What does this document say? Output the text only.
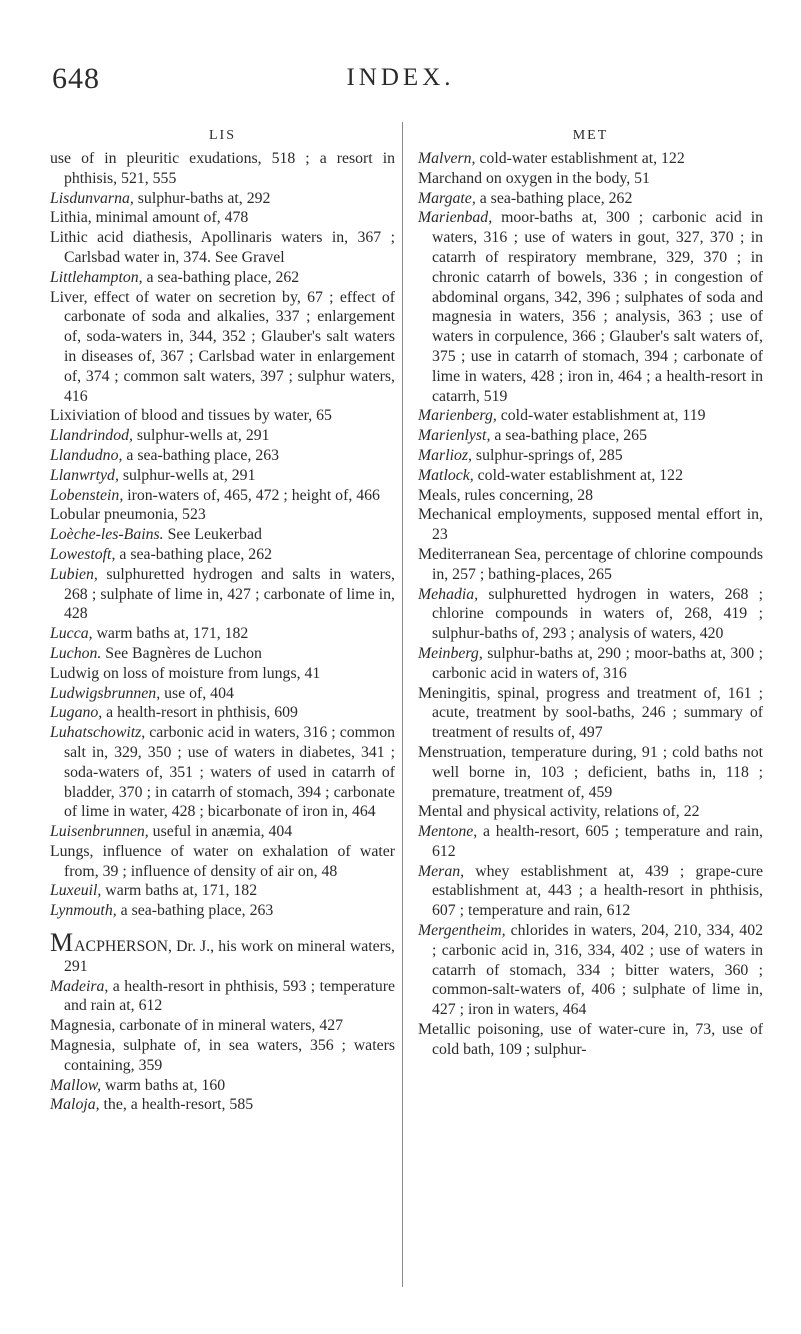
648	INDEX.
LIS

use of in pleuritic exudations, 518 ; a resort in phthisis, 521, 555

Lisdunvarna, sulphur-baths at, 292

Lithia, minimal amount of, 478

Lithic acid diathesis, Apollinaris waters in, 367 ; Carlsbad water in, 374. See Gravel

Littlehampton, a sea-bathing place, 262

Liver, effect of water on secretion by, 67 ; effect of carbonate of soda and alkalies, 337 ; enlargement of, soda-waters in, 344, 352 ; Glauber's salt waters in diseases of, 367 ; Carlsbad water in enlargement of, 374 ; common salt waters, 397 ; sulphur waters, 416

Lixiviation of blood and tissues by water, 65

Llandrindod, sulphur-wells at, 291

Llandudno, a sea-bathing place, 263

Llanwrtyd, sulphur-wells at, 291

Lobenstein, iron-waters of, 465, 472 ; height of, 466

Lobular pneumonia, 523

Loèche-les-Bains. See Leukerbad

Lowestoft, a sea-bathing place, 262

Lubien, sulphuretted hydrogen and salts in waters, 268 ; sulphate of lime in, 427 ; carbonate of lime in, 428

Lucca, warm baths at, 171, 182

Luchon. See Bagnères de Luchon

Ludwig on loss of moisture from lungs, 41

Ludwigsbrunnen, use of, 404

Lugano, a health-resort in phthisis, 609

Luhatschowitz, carbonic acid in waters, 316 ; common salt in, 329, 350 ; use of waters in diabetes, 341 ; soda-waters of, 351 ; waters of used in catarrh of bladder, 370 ; in catarrh of stomach, 394 ; carbonate of lime in water, 428 ; bicarbonate of iron in, 464

Luisenbrunnen, useful in anæmia, 404

Lungs, influence of water on exhalation of water from, 39 ; influence of density of air on, 48

Luxeuil, warm baths at, 171, 182

Lynmouth, a sea-bathing place, 263

MACPHERSON, Dr. J., his work on mineral waters, 291

Madeira, a health-resort in phthisis, 593 ; temperature and rain at, 612

Magnesia, carbonate of in mineral waters, 427

Magnesia, sulphate of, in sea waters, 356 ; waters containing, 359

Mallow, warm baths at, 160

Maloja, the, a health-resort, 585

MET

Malvern, cold-water establishment at, 122

Marchand on oxygen in the body, 51

Margate, a sea-bathing place, 262

Marienbad, moor-baths at, 300 ; carbonic acid in waters, 316 ; use of waters in gout, 327, 370 ; in catarrh of respiratory membrane, 329, 370 ; in chronic catarrh of bowels, 336 ; in congestion of abdominal organs, 342, 396 ; sulphates of soda and magnesia in waters, 356 ; analysis, 363 ; use of waters in corpulence, 366 ; Glauber's salt waters of, 375 ; use in catarrh of stomach, 394 ; carbonate of lime in waters, 428 ; iron in, 464 ; a health-resort in catarrh, 519

Marienberg, cold-water establishment at, 119

Marienlyst, a sea-bathing place, 265

Marlioz, sulphur-springs of, 285

Matlock, cold-water establishment at, 122

Meals, rules concerning, 28

Mechanical employments, supposed mental effort in, 23

Mediterranean Sea, percentage of chlorine compounds in, 257 ; bathing-places, 265

Mehadia, sulphuretted hydrogen in waters, 268 ; chlorine compounds in waters of, 268, 419 ; sulphur-baths of, 293 ; analysis of waters, 420

Meinberg, sulphur-baths at, 290 ; moor-baths at, 300 ; carbonic acid in waters of, 316

Meningitis, spinal, progress and treatment of, 161 ; acute, treatment by sool-baths, 246 ; summary of treatment of results of, 497

Menstruation, temperature during, 91 ; cold baths not well borne in, 103 ; deficient, baths in, 118 ; premature, treatment of, 459

Mental and physical activity, relations of, 22

Mentone, a health-resort, 605 ; temperature and rain, 612

Meran, whey establishment at, 439 ; grape-cure establishment at, 443 ; a health-resort in phthisis, 607 ; temperature and rain, 612

Mergentheim, chlorides in waters, 204, 210, 334, 402 ; carbonic acid in, 316, 334, 402 ; use of waters in catarrh of stomach, 334 ; bitter waters, 360 ; common-salt-waters of, 406 ; sulphate of lime in, 427 ; iron in waters, 464

Metallic poisoning, use of water-cure in, 73, use of cold bath, 109 ; sulphur-
